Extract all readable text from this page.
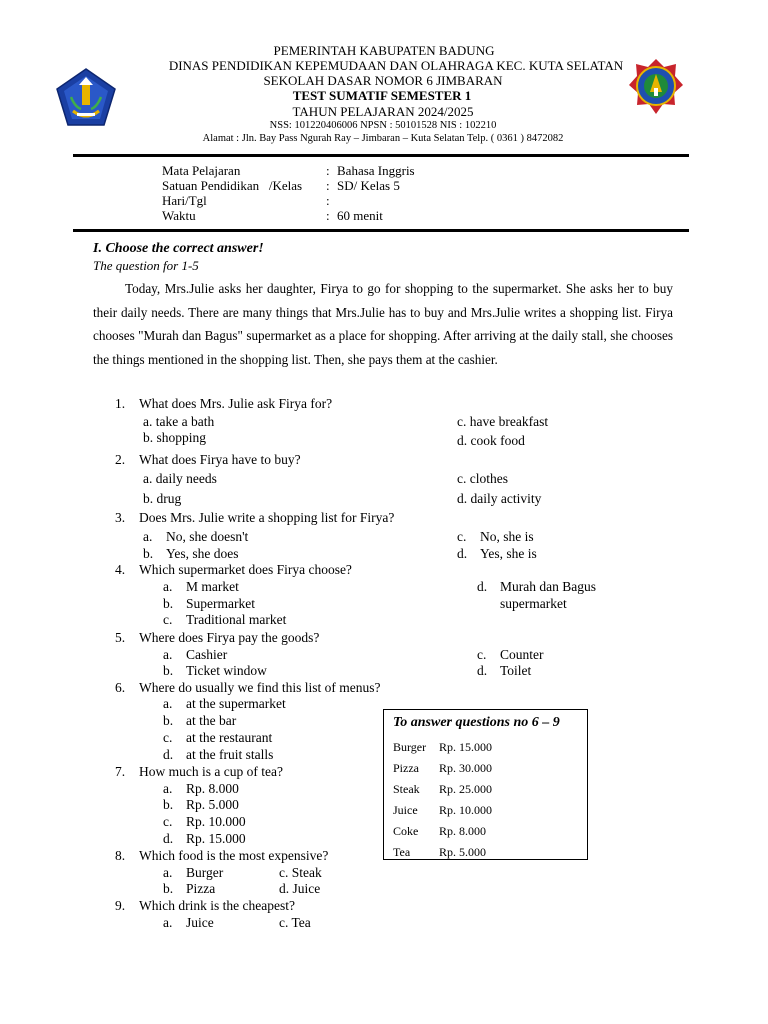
PEMERINTAH KABUPATEN BADUNG
DINAS PENDIDIKAN KEPEMUDAAN DAN OLAHRAGA KEC. KUTA SELATAN
SEKOLAH DASAR NOMOR 6 JIMBARAN
TEST SUMATIF SEMESTER 1
TAHUN PELAJARAN 2024/2025
NSS: 101220406006 NPSN : 50101528 NIS : 102210
Alamat : Jln. Bay Pass Ngurah Ray – Jimbaran – Kuta Selatan Telp. ( 0361 ) 8472082
Mata Pelajaran	: Bahasa Inggris
Satuan Pendidikan   /Kelas : SD/ Kelas 5
Hari/Tgl	:
Waktu	: 60 menit
I. Choose the correct answer!
The question for 1-5
Today, Mrs.Julie asks her daughter, Firya to go for shopping to the supermarket. She asks her to buy their daily needs. There are many things that Mrs.Julie has to buy and Mrs.Julie writes a shopping list. Firya chooses "Murah dan Bagus" supermarket as a place for shopping. After arriving at the daily stall, she chooses the things mentioned in the shopping list. Then, she pays them at the cashier.
1. What does Mrs. Julie ask Firya for?
a. take a bath
b. shopping
c. have breakfast
d. cook food
2. What does Firya have to buy?
a. daily needs
b. drug
c. clothes
d. daily activity
3. Does Mrs. Julie write a shopping list for Firya?
a. No, she doesn't
b. Yes, she does
c. No, she is
d. Yes, she is
4. Which supermarket does Firya choose?
a. M market
b. Supermarket
c. Traditional market
d. Murah dan Bagus
supermarket
5. Where does Firya pay the goods?
a. Cashier
b. Ticket window
c. Counter
d. Toilet
6. Where do usually we find this list of menus?
a. at the supermarket
b. at the bar
c. at the restaurant
d. at the fruit stalls
7. How much is a cup of tea?
a. Rp. 8.000
b. Rp. 5.000
c. Rp. 10.000
d. Rp. 15.000
8. Which food is the most expensive?
a. Burger	c. Steak
b. Pizza	d. Juice
9. Which drink is the cheapest?
a. Juice	c. Tea
To answer questions no 6 – 9
Burger Rp. 15.000
Pizza Rp. 30.000
Steak Rp. 25.000
Juice Rp. 10.000
Coke Rp. 8.000
Tea Rp. 5.000
